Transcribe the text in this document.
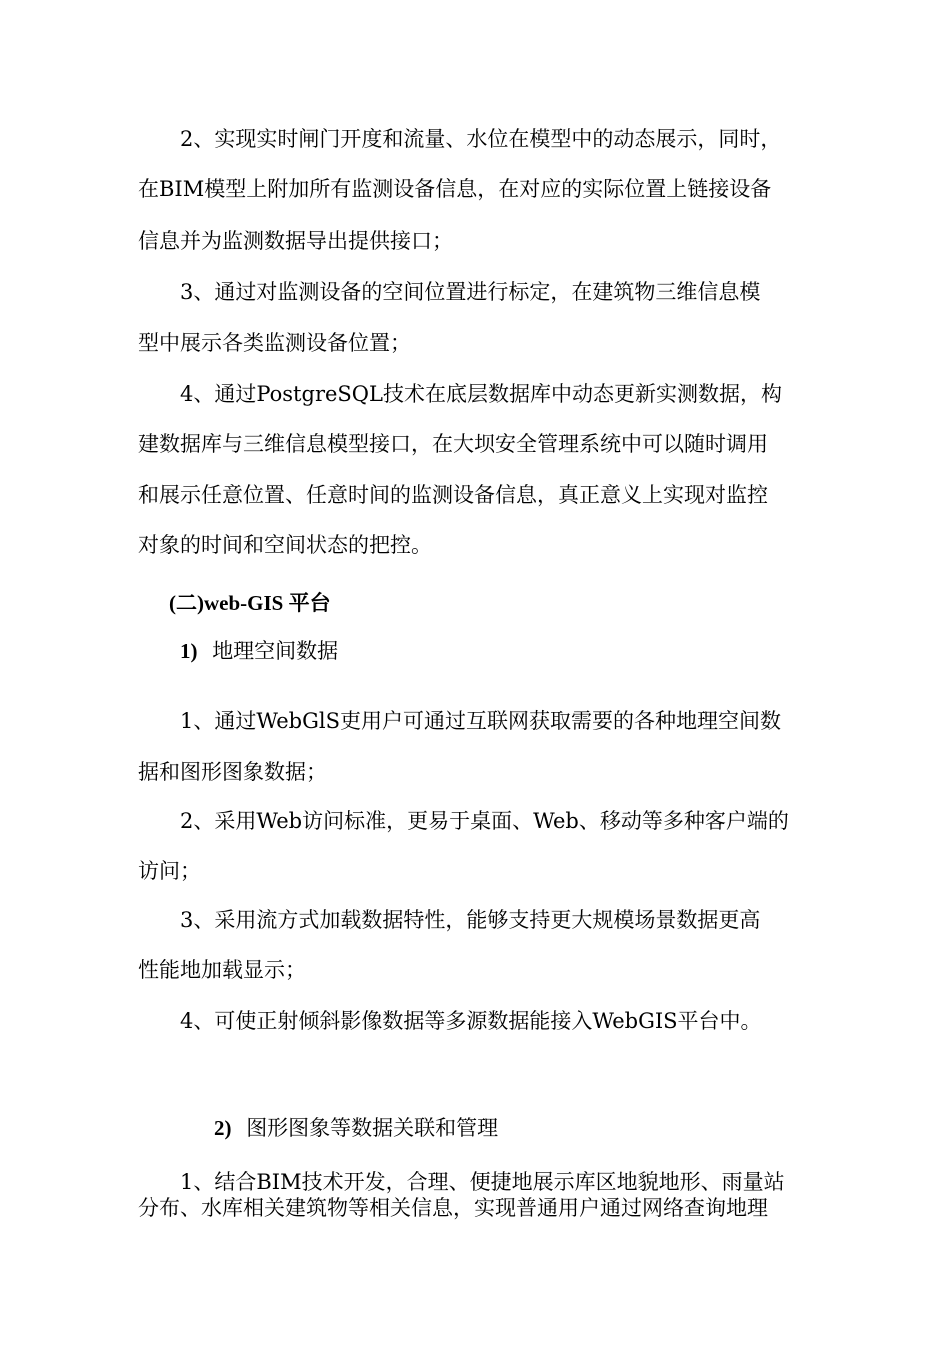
2、实现实时闸门开度和流量、水位在模型中的动态展示，同时，
在BIM模型上附加所有监测设备信息，在对应的实际位置上链接设备
信息并为监测数据导出提供接口；
3、通过对监测设备的空间位置进行标定，在建筑物三维信息模
型中展示各类监测设备位置；
4、通过PostgreSQL技术在底层数据库中动态更新实测数据，构
建数据库与三维信息模型接口，在大坝安全管理系统中可以随时调用
和展示任意位置、任意时间的监测设备信息，真正意义上实现对监控
对象的时间和空间状态的把控。
(二)web-GIS 平台
1) 地理空间数据
1、通过WebGlS吏用户可通过互联网获取需要的各种地理空间数
据和图形图象数据；
2、采用Web访问标准，更易于桌面、Web、移动等多种客户端的
访问；
3、采用流方式加载数据特性，能够支持更大规模场景数据更高
性能地加载显示；
4、可使正射倾斜影像数据等多源数据能接入WebGIS平台中。
2) 图形图象等数据关联和管理
1、结合BIM技术开发，合理、便捷地展示库区地貌地形、雨量站
分布、水库相关建筑物等相关信息，实现普通用户通过网络查询地理
